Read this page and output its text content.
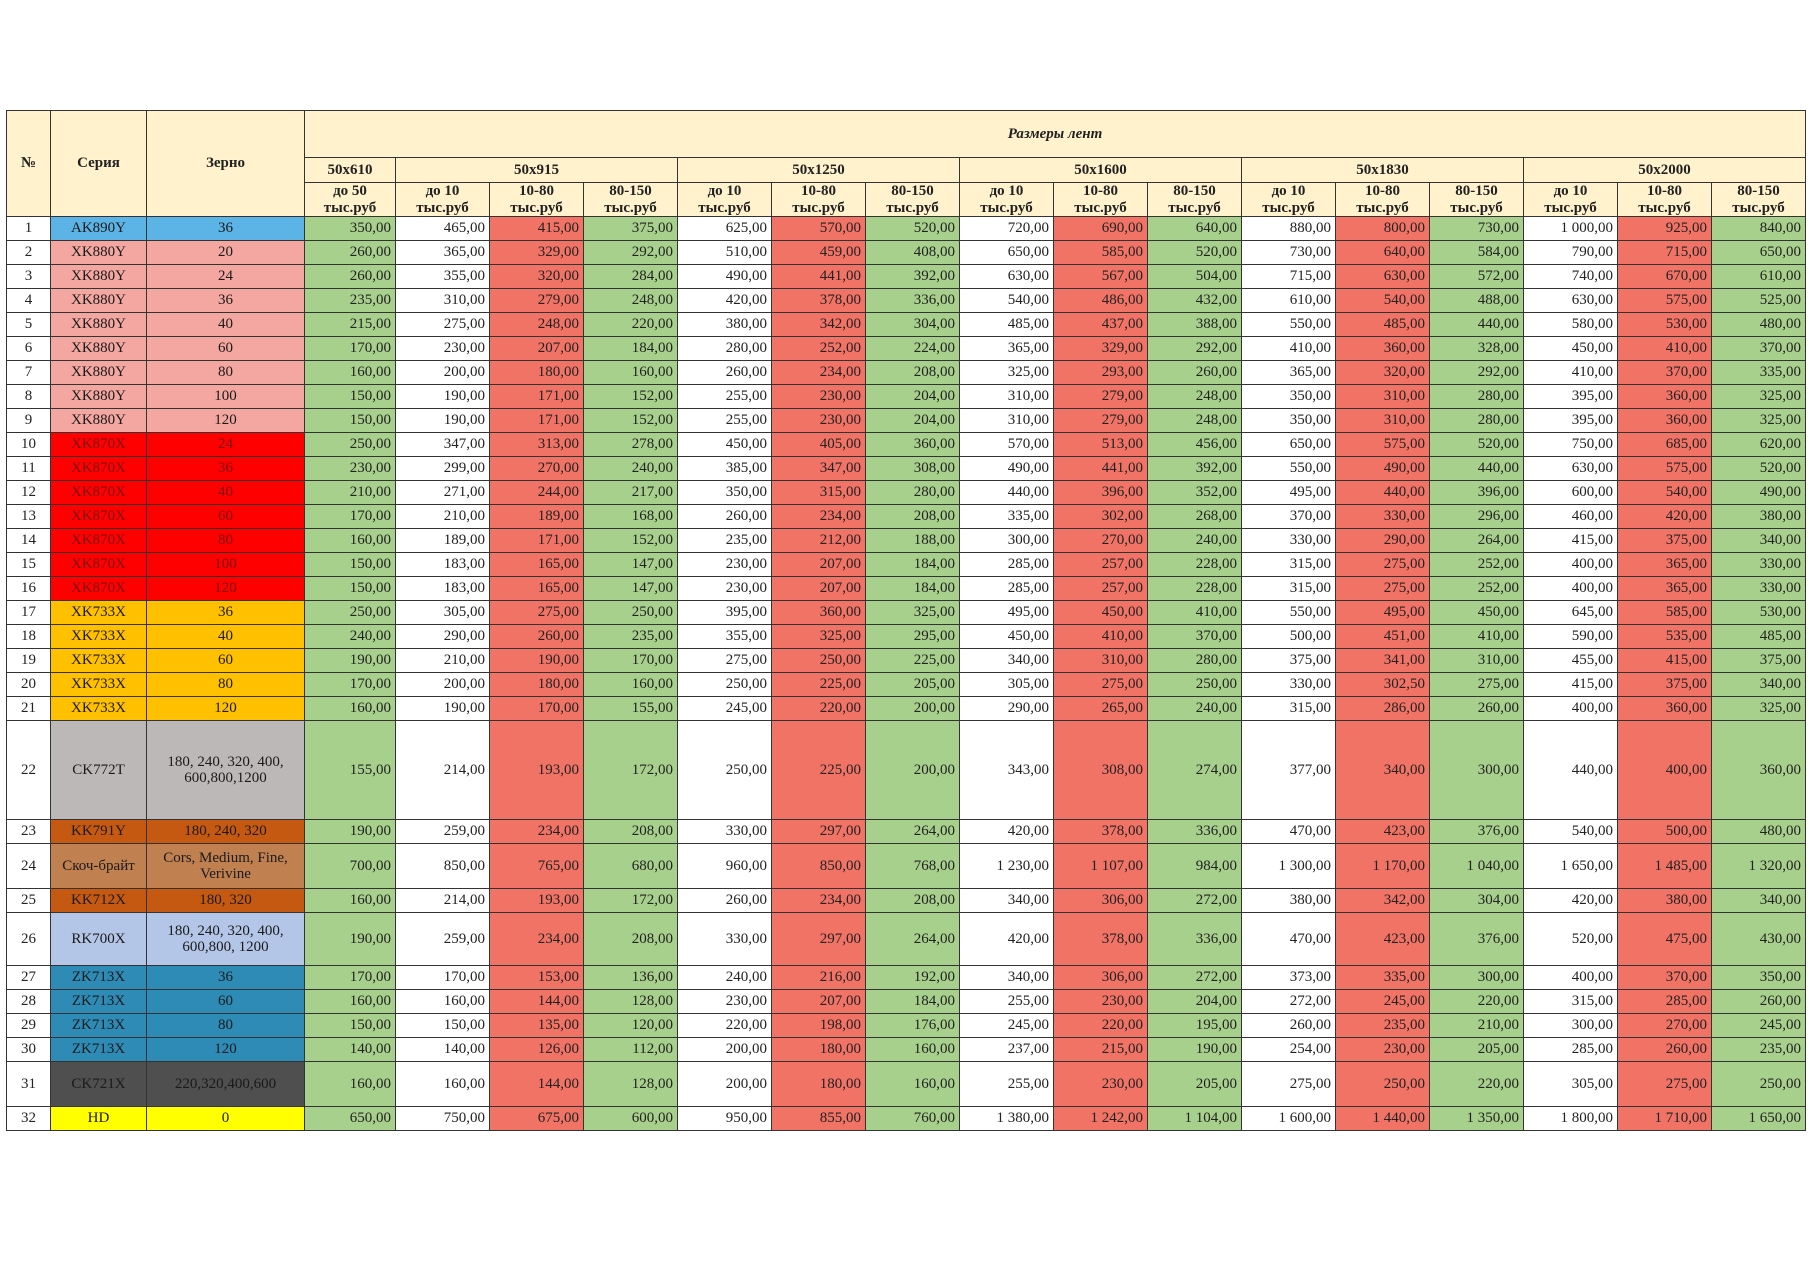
№	Серия	Зерно	Размеры лент															
			50x610	50x915			50x1250			50x1600			50x1830			50x2000		
			до 50 тыс.руб	до 10 тыс.руб	10-80 тыс.руб	80-150 тыс.руб	до 10 тыс.руб	10-80 тыс.руб	80-150 тыс.руб	до 10 тыс.руб	10-80 тыс.руб	80-150 тыс.руб	до 10 тыс.руб	10-80 тыс.руб	80-150 тыс.руб	до 10 тыс.руб	10-80 тыс.руб	80-150 тыс.руб
1	AK890Y	36	350,00	465,00	415,00	375,00	625,00	570,00	520,00	720,00	690,00	640,00	880,00	800,00	730,00	1 000,00	925,00	840,00
2	XK880Y	20	260,00	365,00	329,00	292,00	510,00	459,00	408,00	650,00	585,00	520,00	730,00	640,00	584,00	790,00	715,00	650,00
3	XK880Y	24	260,00	355,00	320,00	284,00	490,00	441,00	392,00	630,00	567,00	504,00	715,00	630,00	572,00	740,00	670,00	610,00
4	XK880Y	36	235,00	310,00	279,00	248,00	420,00	378,00	336,00	540,00	486,00	432,00	610,00	540,00	488,00	630,00	575,00	525,00
5	XK880Y	40	215,00	275,00	248,00	220,00	380,00	342,00	304,00	485,00	437,00	388,00	550,00	485,00	440,00	580,00	530,00	480,00
6	XK880Y	60	170,00	230,00	207,00	184,00	280,00	252,00	224,00	365,00	329,00	292,00	410,00	360,00	328,00	450,00	410,00	370,00
7	XK880Y	80	160,00	200,00	180,00	160,00	260,00	234,00	208,00	325,00	293,00	260,00	365,00	320,00	292,00	410,00	370,00	335,00
8	XK880Y	100	150,00	190,00	171,00	152,00	255,00	230,00	204,00	310,00	279,00	248,00	350,00	310,00	280,00	395,00	360,00	325,00
9	XK880Y	120	150,00	190,00	171,00	152,00	255,00	230,00	204,00	310,00	279,00	248,00	350,00	310,00	280,00	395,00	360,00	325,00
10	XK870X	24	250,00	347,00	313,00	278,00	450,00	405,00	360,00	570,00	513,00	456,00	650,00	575,00	520,00	750,00	685,00	620,00
11	XK870X	36	230,00	299,00	270,00	240,00	385,00	347,00	308,00	490,00	441,00	392,00	550,00	490,00	440,00	630,00	575,00	520,00
12	XK870X	40	210,00	271,00	244,00	217,00	350,00	315,00	280,00	440,00	396,00	352,00	495,00	440,00	396,00	600,00	540,00	490,00
13	XK870X	60	170,00	210,00	189,00	168,00	260,00	234,00	208,00	335,00	302,00	268,00	370,00	330,00	296,00	460,00	420,00	380,00
14	XK870X	80	160,00	189,00	171,00	152,00	235,00	212,00	188,00	300,00	270,00	240,00	330,00	290,00	264,00	415,00	375,00	340,00
15	XK870X	100	150,00	183,00	165,00	147,00	230,00	207,00	184,00	285,00	257,00	228,00	315,00	275,00	252,00	400,00	365,00	330,00
16	XK870X	120	150,00	183,00	165,00	147,00	230,00	207,00	184,00	285,00	257,00	228,00	315,00	275,00	252,00	400,00	365,00	330,00
17	XK733X	36	250,00	305,00	275,00	250,00	395,00	360,00	325,00	495,00	450,00	410,00	550,00	495,00	450,00	645,00	585,00	530,00
18	XK733X	40	240,00	290,00	260,00	235,00	355,00	325,00	295,00	450,00	410,00	370,00	500,00	451,00	410,00	590,00	535,00	485,00
19	XK733X	60	190,00	210,00	190,00	170,00	275,00	250,00	225,00	340,00	310,00	280,00	375,00	341,00	310,00	455,00	415,00	375,00
20	XK733X	80	170,00	200,00	180,00	160,00	250,00	225,00	205,00	305,00	275,00	250,00	330,00	302,50	275,00	415,00	375,00	340,00
21	XK733X	120	160,00	190,00	170,00	155,00	245,00	220,00	200,00	290,00	265,00	240,00	315,00	286,00	260,00	400,00	360,00	325,00
22	CK772T	180, 240, 320, 400, 600,800,1200	155,00	214,00	193,00	172,00	250,00	225,00	200,00	343,00	308,00	274,00	377,00	340,00	300,00	440,00	400,00	360,00
23	KK791Y	180, 240, 320	190,00	259,00	234,00	208,00	330,00	297,00	264,00	420,00	378,00	336,00	470,00	423,00	376,00	540,00	500,00	480,00
24	Скоч-брайт	Cors, Medium, Fine, Verivine	700,00	850,00	765,00	680,00	960,00	850,00	768,00	1 230,00	1 107,00	984,00	1 300,00	1 170,00	1 040,00	1 650,00	1 485,00	1 320,00
25	KK712X	180, 320	160,00	214,00	193,00	172,00	260,00	234,00	208,00	340,00	306,00	272,00	380,00	342,00	304,00	420,00	380,00	340,00
26	RK700X	180, 240, 320, 400, 600,800, 1200	190,00	259,00	234,00	208,00	330,00	297,00	264,00	420,00	378,00	336,00	470,00	423,00	376,00	520,00	475,00	430,00
27	ZK713X	36	170,00	170,00	153,00	136,00	240,00	216,00	192,00	340,00	306,00	272,00	373,00	335,00	300,00	400,00	370,00	350,00
28	ZK713X	60	160,00	160,00	144,00	128,00	230,00	207,00	184,00	255,00	230,00	204,00	272,00	245,00	220,00	315,00	285,00	260,00
29	ZK713X	80	150,00	150,00	135,00	120,00	220,00	198,00	176,00	245,00	220,00	195,00	260,00	235,00	210,00	300,00	270,00	245,00
30	ZK713X	120	140,00	140,00	126,00	112,00	200,00	180,00	160,00	237,00	215,00	190,00	254,00	230,00	205,00	285,00	260,00	235,00
31	CK721X	220,320,400,600	160,00	160,00	144,00	128,00	200,00	180,00	160,00	255,00	230,00	205,00	275,00	250,00	220,00	305,00	275,00	250,00
32	HD	0	650,00	750,00	675,00	600,00	950,00	855,00	760,00	1 380,00	1 242,00	1 104,00	1 600,00	1 440,00	1 350,00	1 800,00	1 710,00	1 650,00
